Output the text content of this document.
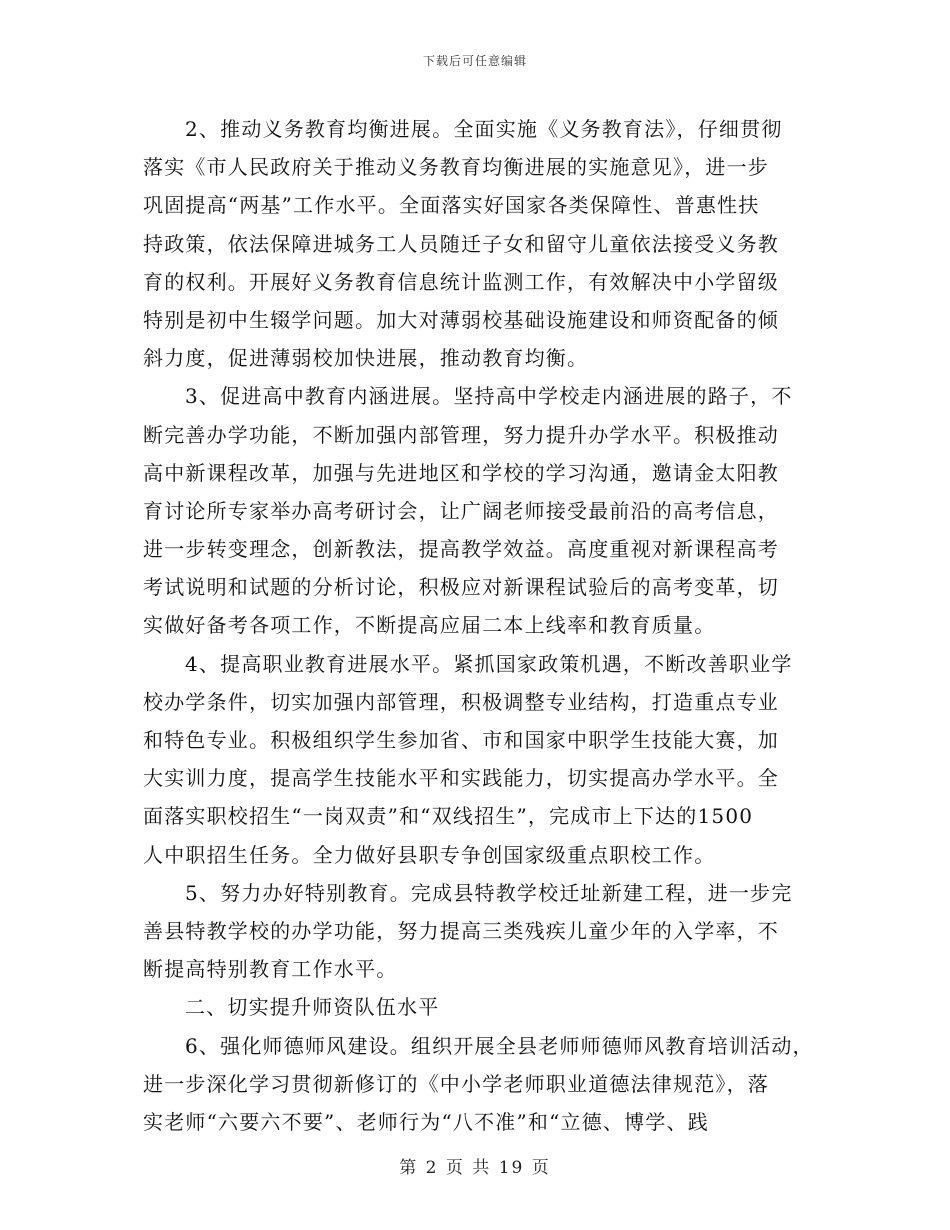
下载后可任意编辑
2、推动义务教育均衡进展。全面实施《义务教育法》，仔细贯彻
落实《市人民政府关于推动义务教育均衡进展的实施意见》，进一步
巩固提高“两基”工作水平。全面落实好国家各类保障性、普惠性扶
持政策，依法保障进城务工人员随迁子女和留守儿童依法接受义务教
育的权利。开展好义务教育信息统计监测工作，有效解决中小学留级
特别是初中生辍学问题。加大对薄弱校基础设施建设和师资配备的倾
斜力度，促进薄弱校加快进展，推动教育均衡。
3、促进高中教育内涵进展。坚持高中学校走内涵进展的路子，不
断完善办学功能，不断加强内部管理，努力提升办学水平。积极推动
高中新课程改革，加强与先进地区和学校的学习沟通，邀请金太阳教
育讨论所专家举办高考研讨会，让广阔老师接受最前沿的高考信息，
进一步转变理念，创新教法，提高教学效益。高度重视对新课程高考
考试说明和试题的分析讨论，积极应对新课程试验后的高考变革，切
实做好备考各项工作，不断提高应届二本上线率和教育质量。
4、提高职业教育进展水平。紧抓国家政策机遇，不断改善职业学
校办学条件，切实加强内部管理，积极调整专业结构，打造重点专业
和特色专业。积极组织学生参加省、市和国家中职学生技能大赛，加
大实训力度，提高学生技能水平和实践能力，切实提高办学水平。全
面落实职校招生“一岗双责”和“双线招生”，完成市上下达的1500
人中职招生任务。全力做好县职专争创国家级重点职校工作。
5、努力办好特别教育。完成县特教学校迁址新建工程，进一步完
善县特教学校的办学功能，努力提高三类残疾儿童少年的入学率，不
断提高特别教育工作水平。
二、切实提升师资队伍水平
6、强化师德师风建设。组织开展全县老师师德师风教育培训活动，
进一步深化学习贯彻新修订的《中小学老师职业道德法律规范》，落
实老师“六要六不要”、老师行为“八不准”和“立德、博学、践
第 2 页 共 19 页
